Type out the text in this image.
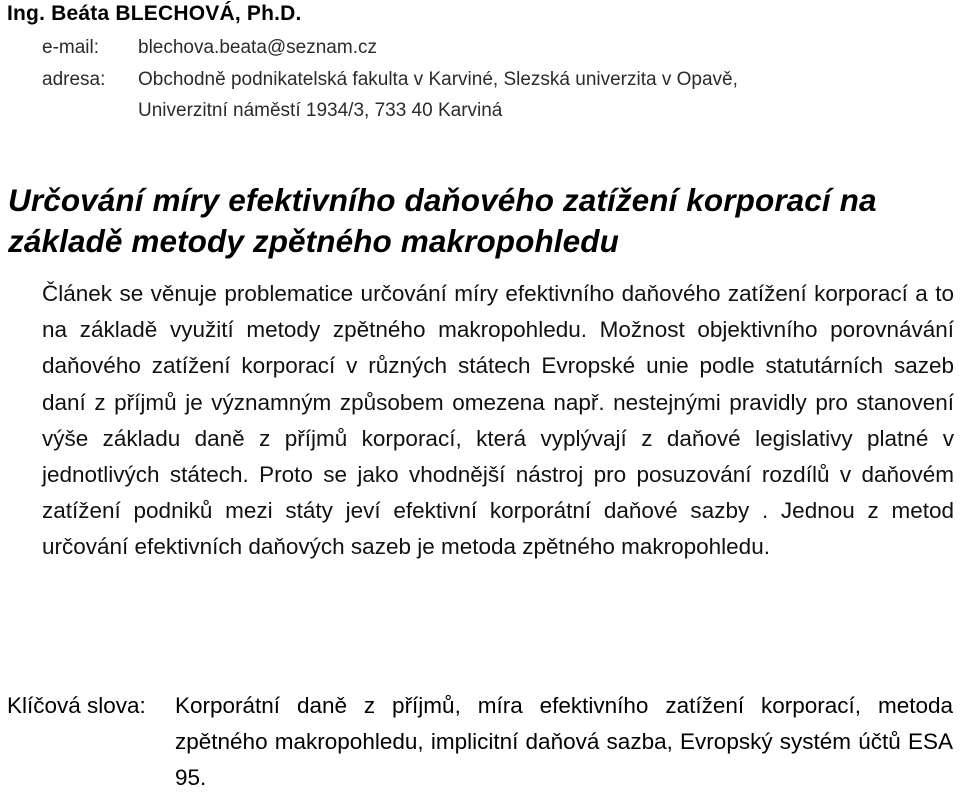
Ing. Beáta BLECHOVÁ, Ph.D.
e-mail: blechova.beata@seznam.cz
adresa: Obchodně podnikatelská fakulta v Karviné, Slezská univerzita v Opavě,
Univerzitní náměstí 1934/3, 733 40 Karviná
Určování míry efektivního daňového zatížení korporací na základě metody zpětného makropohledu
Článek se věnuje problematice určování míry efektivního daňového zatížení korporací a to na základě využití metody zpětného makropohledu. Možnost objektivního porovnávání daňového zatížení korporací v různých státech Evropské unie podle statutárních sazeb daní z příjmů je významným způsobem omezena např. nestejnými pravidly pro stanovení výše základu daně z příjmů korporací, která vyplývají z daňové legislativy platné v jednotlivých státech. Proto se jako vhodnější nástroj pro posuzování rozdílů v daňovém zatížení podniků mezi státy jeví efektivní korporátní daňové sazby . Jednou z metod určování efektivních daňových sazeb je metoda zpětného makropohledu.
Klíčová slova: Korporátní daně z příjmů, míra efektivního zatížení korporací, metoda zpětného makropohledu, implicitní daňová sazba, Evropský systém účtů ESA 95.
